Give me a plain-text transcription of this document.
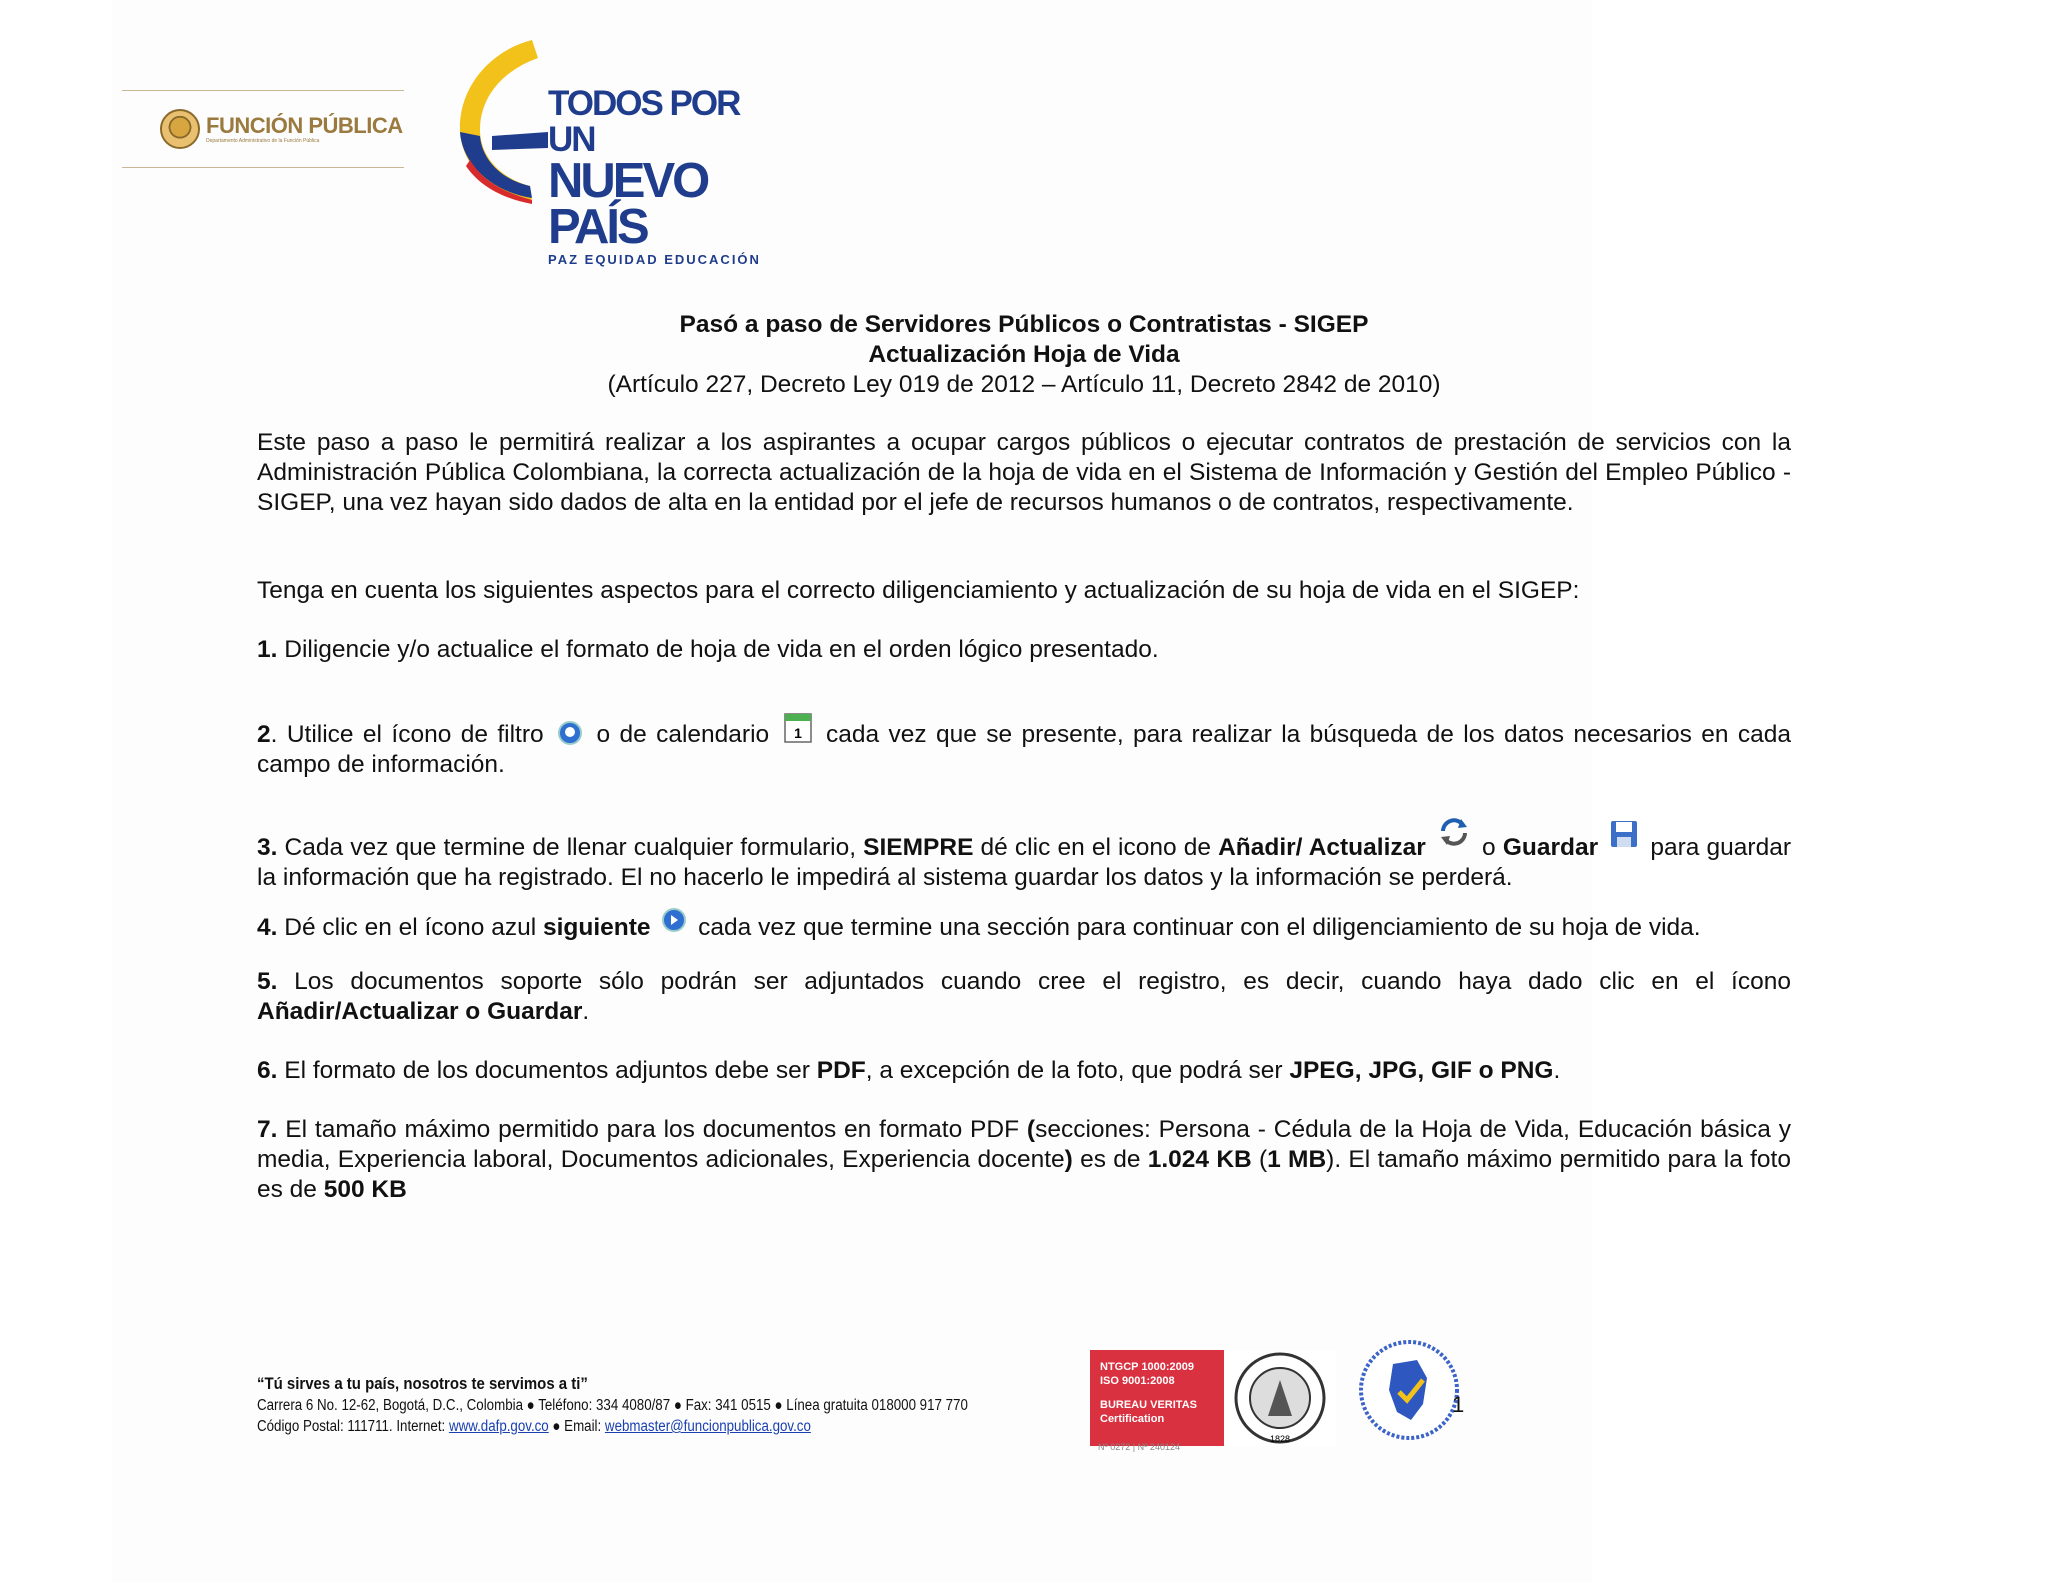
FUNCIÓN PÚBLICA
Departamento Administrativo de la Función Pública
TODOS POR UN
NUEVO PAÍS
PAZ EQUIDAD EDUCACIÓN
Pasó a paso de Servidores Públicos o Contratistas - SIGEP
Actualización Hoja de Vida
(Artículo 227, Decreto Ley 019 de 2012 – Artículo 11, Decreto 2842 de 2010)

Este paso a paso le permitirá realizar a los aspirantes a ocupar cargos públicos o ejecutar contratos de prestación de servicios con la Administración Pública Colombiana, la correcta actualización de la hoja de vida en el Sistema de Información y Gestión del Empleo Público - SIGEP, una vez hayan sido dados de alta en la entidad por el jefe de recursos humanos o de contratos, respectivamente.

Tenga en cuenta los siguientes aspectos para el correcto diligenciamiento y actualización de su hoja de vida en el SIGEP:

1. Diligencie y/o actualice el formato de hoja de vida en el orden lógico presentado.

2. Utilice el ícono de filtro o de calendario 1 cada vez que se presente, para realizar la búsqueda de los datos necesarios en cada campo de información.

3. Cada vez que termine de llenar cualquier formulario, SIEMPRE dé clic en el icono de Añadir/ Actualizar  o Guardar  para guardar la información que ha registrado. El no hacerlo le impedirá al sistema guardar los datos y la información se perderá.

4. Dé clic en el ícono azul siguiente  cada vez que termine una sección para continuar con el diligenciamiento de su hoja de vida.

5. Los documentos soporte sólo podrán ser adjuntados cuando cree el registro, es decir, cuando haya dado clic en el ícono Añadir/Actualizar o Guardar.

6. El formato de los documentos adjuntos debe ser PDF, a excepción de la foto, que podrá ser JPEG, JPG, GIF o PNG.

7. El tamaño máximo permitido para los documentos en formato PDF (secciones: Persona - Cédula de la Hoja de Vida, Educación básica y media, Experiencia laboral, Documentos adicionales, Experiencia docente) es de 1.024 KB (1 MB). El tamaño máximo permitido para la foto es de 500 KB

“Tú sirves a tu país, nosotros te servimos a ti”
Carrera 6 No. 12-62, Bogotá, D.C., Colombia ● Teléfono: 334 4080/87 ● Fax: 341 0515 ● Línea gratuita 018000 917 770
Código Postal: 111711. Internet: www.dafp.gov.co ● Email: webmaster@funcionpublica.gov.co
NTGCP 1000:2009
ISO 9001:2008
BUREAU VERITAS
Certification
1828
Nº 0272 | Nº 240124
1
